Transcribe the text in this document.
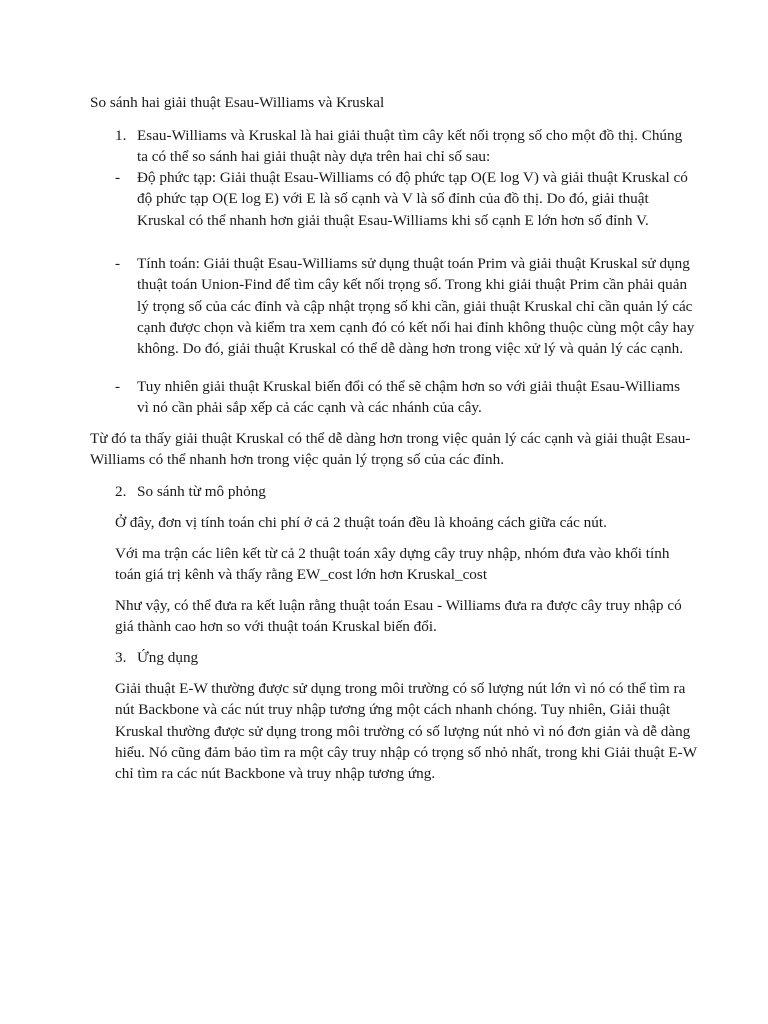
So sánh hai giải thuật Esau-Williams và Kruskal
1. Esau-Williams và Kruskal là hai giải thuật tìm cây kết nối trọng số cho một đồ thị. Chúng ta có thể so sánh hai giải thuật này dựa trên hai chỉ số sau:
- Độ phức tạp: Giải thuật Esau-Williams có độ phức tạp O(E log V) và giải thuật Kruskal có độ phức tạp O(E log E) với E là số cạnh và V là số đỉnh của đồ thị. Do đó, giải thuật Kruskal có thể nhanh hơn giải thuật Esau-Williams khi số cạnh E lớn hơn số đỉnh V.
- Tính toán: Giải thuật Esau-Williams sử dụng thuật toán Prim và giải thuật Kruskal sử dụng thuật toán Union-Find để tìm cây kết nối trọng số. Trong khi giải thuật Prim cần phải quản lý trọng số của các đỉnh và cập nhật trọng số khi cần, giải thuật Kruskal chỉ cần quản lý các cạnh được chọn và kiểm tra xem cạnh đó có kết nối hai đỉnh không thuộc cùng một cây hay không. Do đó, giải thuật Kruskal có thể dễ dàng hơn trong việc xử lý và quản lý các cạnh.
- Tuy nhiên giải thuật Kruskal biến đổi có thể sẽ chậm hơn so với giải thuật Esau-Williams vì nó cần phải sắp xếp cả các cạnh và các nhánh của cây.
Từ đó ta thấy giải thuật Kruskal có thể dễ dàng hơn trong việc quản lý các cạnh và giải thuật Esau-Williams có thể nhanh hơn trong việc quản lý trọng số của các đỉnh.
2. So sánh từ mô phỏng
Ở đây, đơn vị tính toán chi phí ở cả 2 thuật toán đều là khoảng cách giữa các nút.
Với ma trận các liên kết từ cả 2 thuật toán xây dựng cây truy nhập, nhóm đưa vào khối tính toán giá trị kênh và thấy rằng EW_cost lớn hơn Kruskal_cost
Như vậy, có thể đưa ra kết luận rằng thuật toán Esau - Williams đưa ra được cây truy nhập có giá thành cao hơn so với thuật toán Kruskal biến đổi.
3. Ứng dụng
Giải thuật E-W thường được sử dụng trong môi trường có số lượng nút lớn vì nó có thể tìm ra nút Backbone và các nút truy nhập tương ứng một cách nhanh chóng. Tuy nhiên, Giải thuật Kruskal thường được sử dụng trong môi trường có số lượng nút nhỏ vì nó đơn giản và dễ dàng hiểu. Nó cũng đảm bảo tìm ra một cây truy nhập có trọng số nhỏ nhất, trong khi Giải thuật E-W chỉ tìm ra các nút Backbone và truy nhập tương ứng.
